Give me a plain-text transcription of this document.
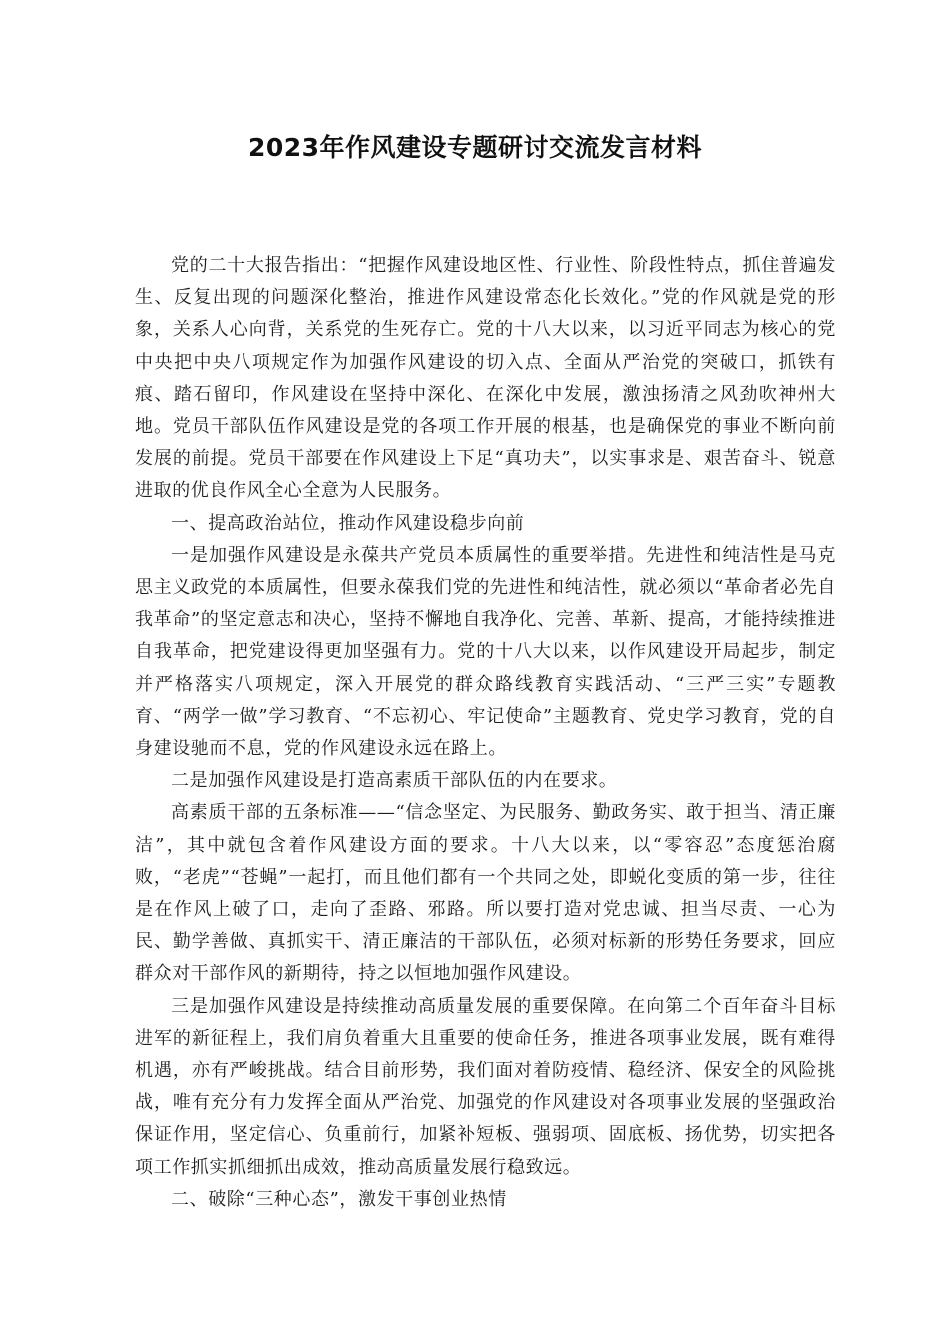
2023年作风建设专题研讨交流发言材料

党的二十大报告指出：“把握作风建设地区性、行业性、阶段性特点，抓住普遍发生、反复出现的问题深化整治，推进作风建设常态化长效化。”党的作风就是党的形象，关系人心向背，关系党的生死存亡。党的十八大以来，以习近平同志为核心的党中央把中央八项规定作为加强作风建设的切入点、全面从严治党的突破口，抓铁有痕、踏石留印，作风建设在坚持中深化、在深化中发展，激浊扬清之风劲吹神州大地。党员干部队伍作风建设是党的各项工作开展的根基，也是确保党的事业不断向前发展的前提。党员干部要在作风建设上下足“真功夫”，以实事求是、艰苦奋斗、锐意进取的优良作风全心全意为人民服务。

一、提高政治站位，推动作风建设稳步向前

一是加强作风建设是永葆共产党员本质属性的重要举措。先进性和纯洁性是马克思主义政党的本质属性，但要永葆我们党的先进性和纯洁性，就必须以“革命者必先自我革命”的坚定意志和决心，坚持不懈地自我净化、完善、革新、提高，才能持续推进自我革命，把党建设得更加坚强有力。党的十八大以来，以作风建设开局起步，制定并严格落实八项规定，深入开展党的群众路线教育实践活动、“三严三实”专题教育、“两学一做”学习教育、“不忘初心、牢记使命”主题教育、党史学习教育，党的自身建设驰而不息，党的作风建设永远在路上。

二是加强作风建设是打造高素质干部队伍的内在要求。

高素质干部的五条标准——“信念坚定、为民服务、勤政务实、敢于担当、清正廉洁”，其中就包含着作风建设方面的要求。十八大以来，以“零容忍”态度惩治腐败，“老虎”“苍蝇”一起打，而且他们都有一个共同之处，即蜕化变质的第一步，往往是在作风上破了口，走向了歪路、邪路。所以要打造对党忠诚、担当尽责、一心为民、勤学善做、真抓实干、清正廉洁的干部队伍，必须对标新的形势任务要求，回应群众对干部作风的新期待，持之以恒地加强作风建设。

三是加强作风建设是持续推动高质量发展的重要保障。在向第二个百年奋斗目标进军的新征程上，我们肩负着重大且重要的使命任务，推进各项事业发展，既有难得机遇，亦有严峻挑战。结合目前形势，我们面对着防疫情、稳经济、保安全的风险挑战，唯有充分有力发挥全面从严治党、加强党的作风建设对各项事业发展的坚强政治保证作用，坚定信心、负重前行，加紧补短板、强弱项、固底板、扬优势，切实把各项工作抓实抓细抓出成效，推动高质量发展行稳致远。

二、破除“三种心态”，激发干事创业热情
